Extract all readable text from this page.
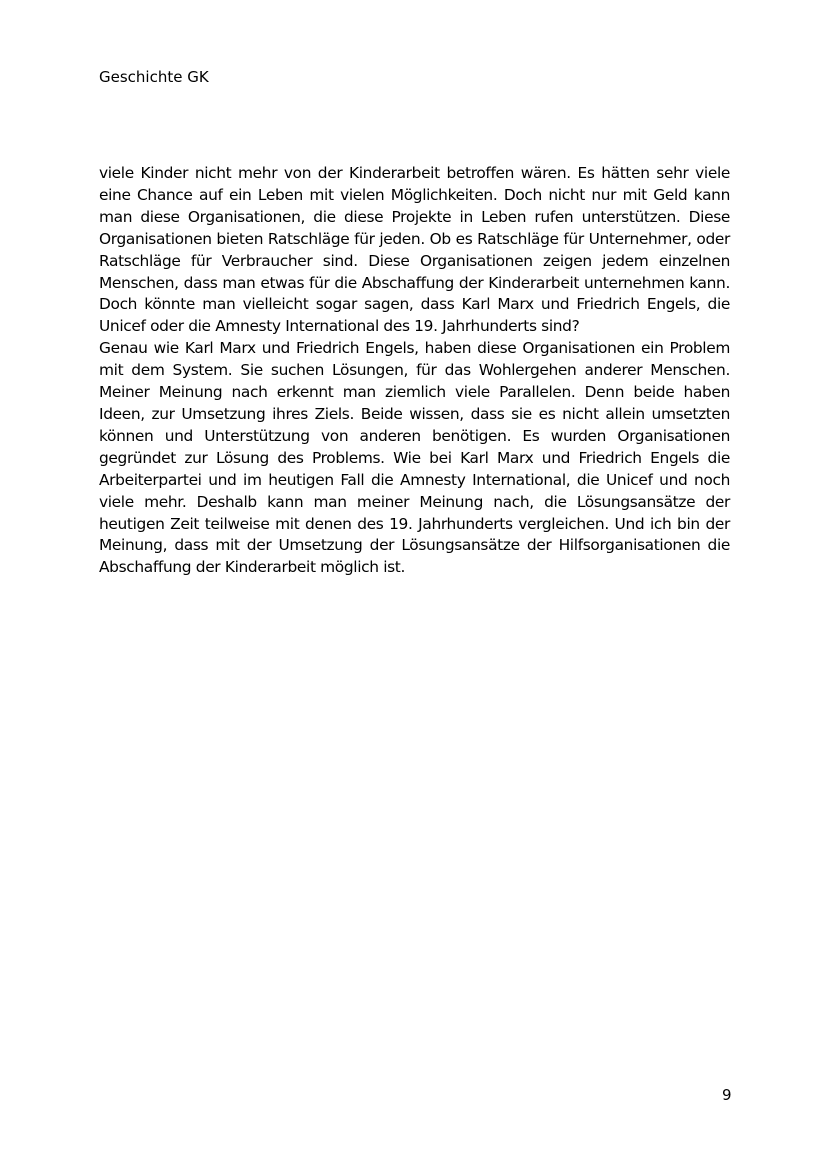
Geschichte GK

viele Kinder nicht mehr von der Kinderarbeit betroffen wären. Es hätten sehr viele eine Chance auf ein Leben mit vielen Möglichkeiten. Doch nicht nur mit Geld kann man diese Organisationen, die diese Projekte in Leben rufen unterstützen. Diese Organisationen bieten Ratschläge für jeden. Ob es Ratschläge für Unternehmer, oder Ratschläge für Verbraucher sind. Diese Organisationen zeigen jedem einzelnen Menschen, dass man etwas für die Abschaffung der Kinderarbeit unternehmen kann. Doch könnte man vielleicht sogar sagen, dass Karl Marx und Friedrich Engels, die Unicef oder die Amnesty International des 19. Jahrhunderts sind?

Genau wie Karl Marx und Friedrich Engels, haben diese Organisationen ein Problem mit dem System. Sie suchen Lösungen, für das Wohlergehen anderer Menschen. Meiner Meinung nach erkennt man ziemlich viele Parallelen. Denn beide haben Ideen, zur Umsetzung ihres Ziels. Beide wissen, dass sie es nicht allein umsetzten können und Unterstützung von anderen benötigen. Es wurden Organisationen gegründet zur Lösung des Problems. Wie bei Karl Marx und Friedrich Engels die Arbeiterpartei und im heutigen Fall die Amnesty International, die Unicef und noch viele mehr. Deshalb kann man meiner Meinung nach, die Lösungsansätze der heutigen Zeit teilweise mit denen des 19. Jahrhunderts vergleichen. Und ich bin der Meinung, dass mit der Umsetzung der Lösungsansätze der Hilfsorganisationen die Abschaffung der Kinderarbeit möglich ist.

9
